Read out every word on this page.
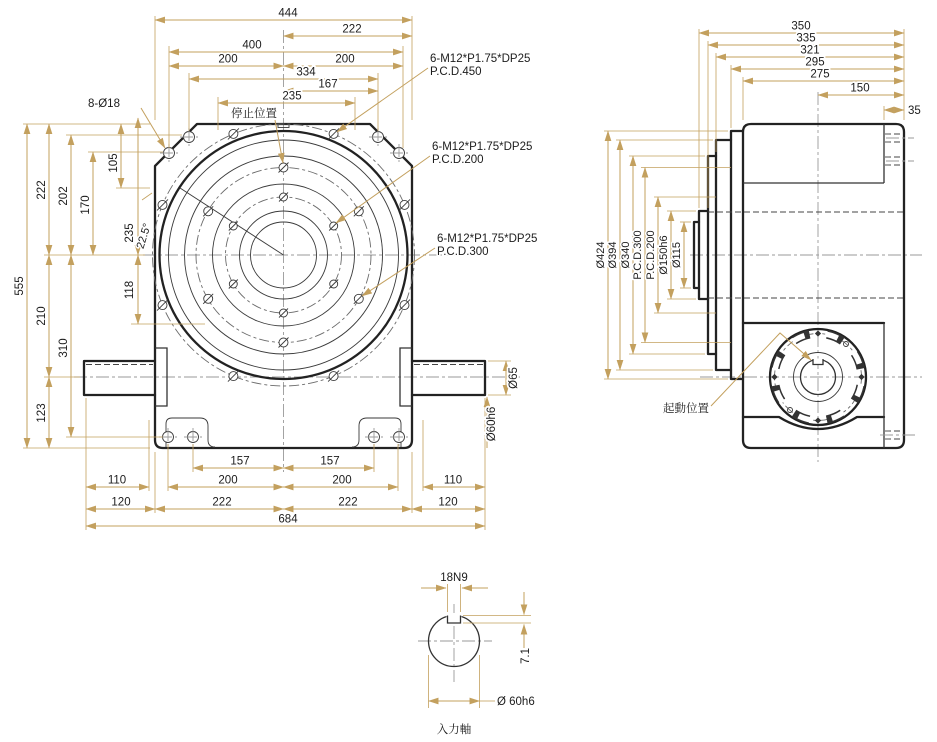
444
222
400
200	200
334
167
235
555
222 202 170
105
235
22.5°
118
210
310
123
157	157
110	200	200	110
120	222	222	120
684
Ø65
Ø60h6
8-Ø18
停止位置
6-M12*P1.75*DP25
P.C.D.450
6-M12*P1.75*DP25
P.C.D.200
6-M12*P1.75*DP25
P.C.D.300
350
335
321
295
275
150
35
Ø424 Ø394 Ø340 P.C.D.300 P.C.D.200 Ø150h6 Ø115
起動位置
18N9
7.1
Ø 60h6
入力軸
